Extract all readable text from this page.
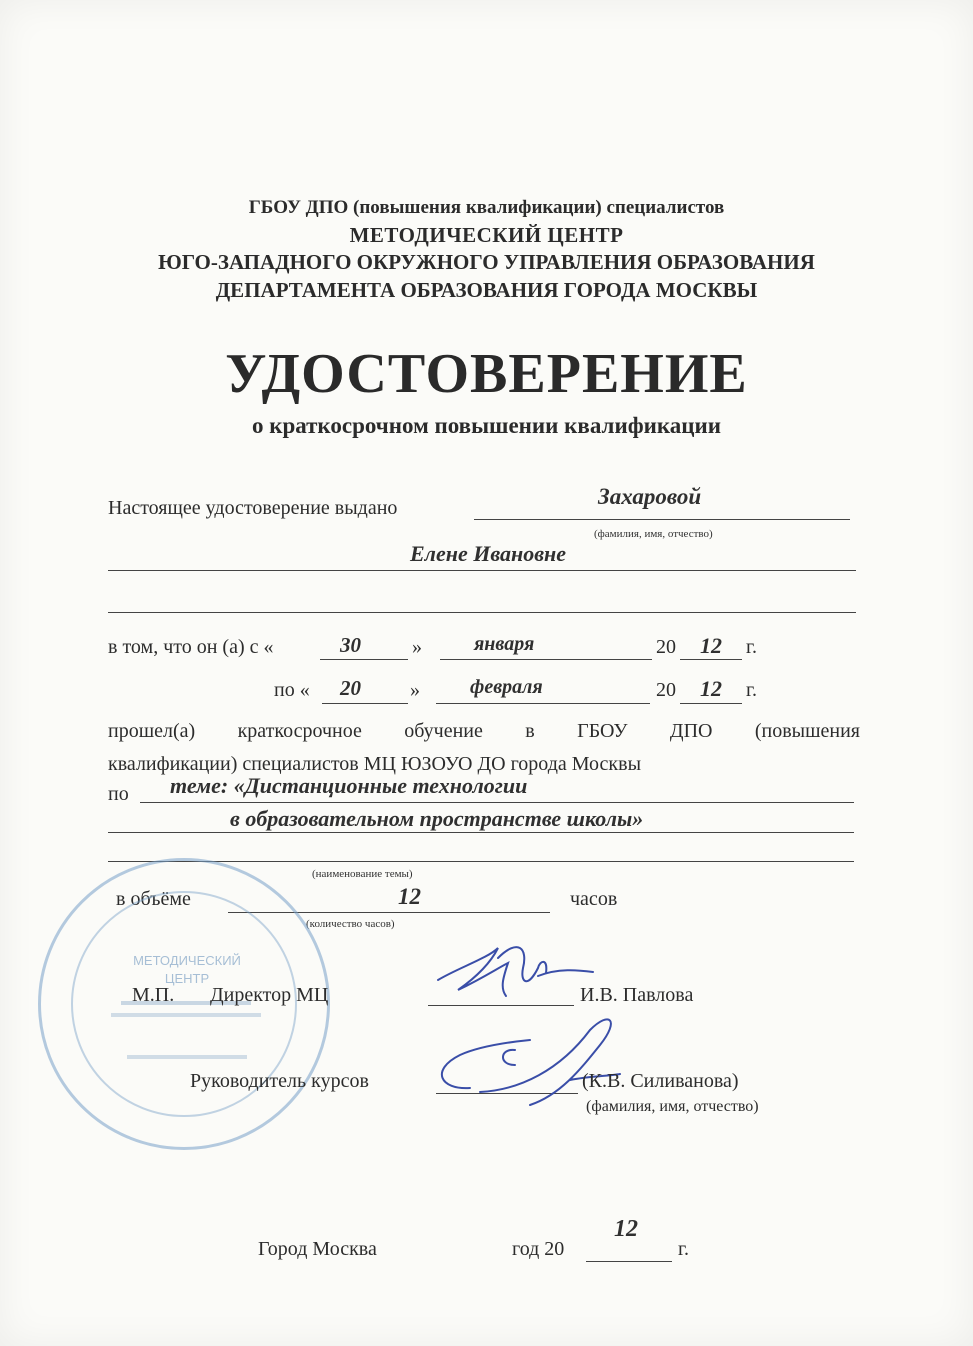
ГБОУ ДПО (повышения квалификации) специалистов
МЕТОДИЧЕСКИЙ ЦЕНТР
ЮГО-ЗАПАДНОГО ОКРУЖНОГО УПРАВЛЕНИЯ ОБРАЗОВАНИЯ
ДЕПАРТАМЕНТА ОБРАЗОВАНИЯ ГОРОДА МОСКВЫ
УДОСТОВЕРЕНИЕ
о краткосрочном повышении квалификации
Настоящее удостоверение выдано	Захаровой
(фамилия, имя, отчество)
Елене Ивановне
в том, что он (а) с «	30	»	января	20 12 г.
по « 20 »	февраля	20 12 г.
прошел(а) краткосрочное обучение в ГБОУ ДПО (повышения
квалификации) специалистов МЦ ЮЗОУО ДО города Москвы
по теме: «Дистанционные технологии
в образовательном пространстве школы»
(наименование темы)
в объёме	12	часов
(количество часов)
МЕТОДИЧЕСКИЙ
ЦЕНТР
М.П. Директор МЦ	И.В. Павлова
Руководитель курсов	(К.В. Силиванова)
(фамилия, имя, отчество)
Город Москва	год 20
12
г.
